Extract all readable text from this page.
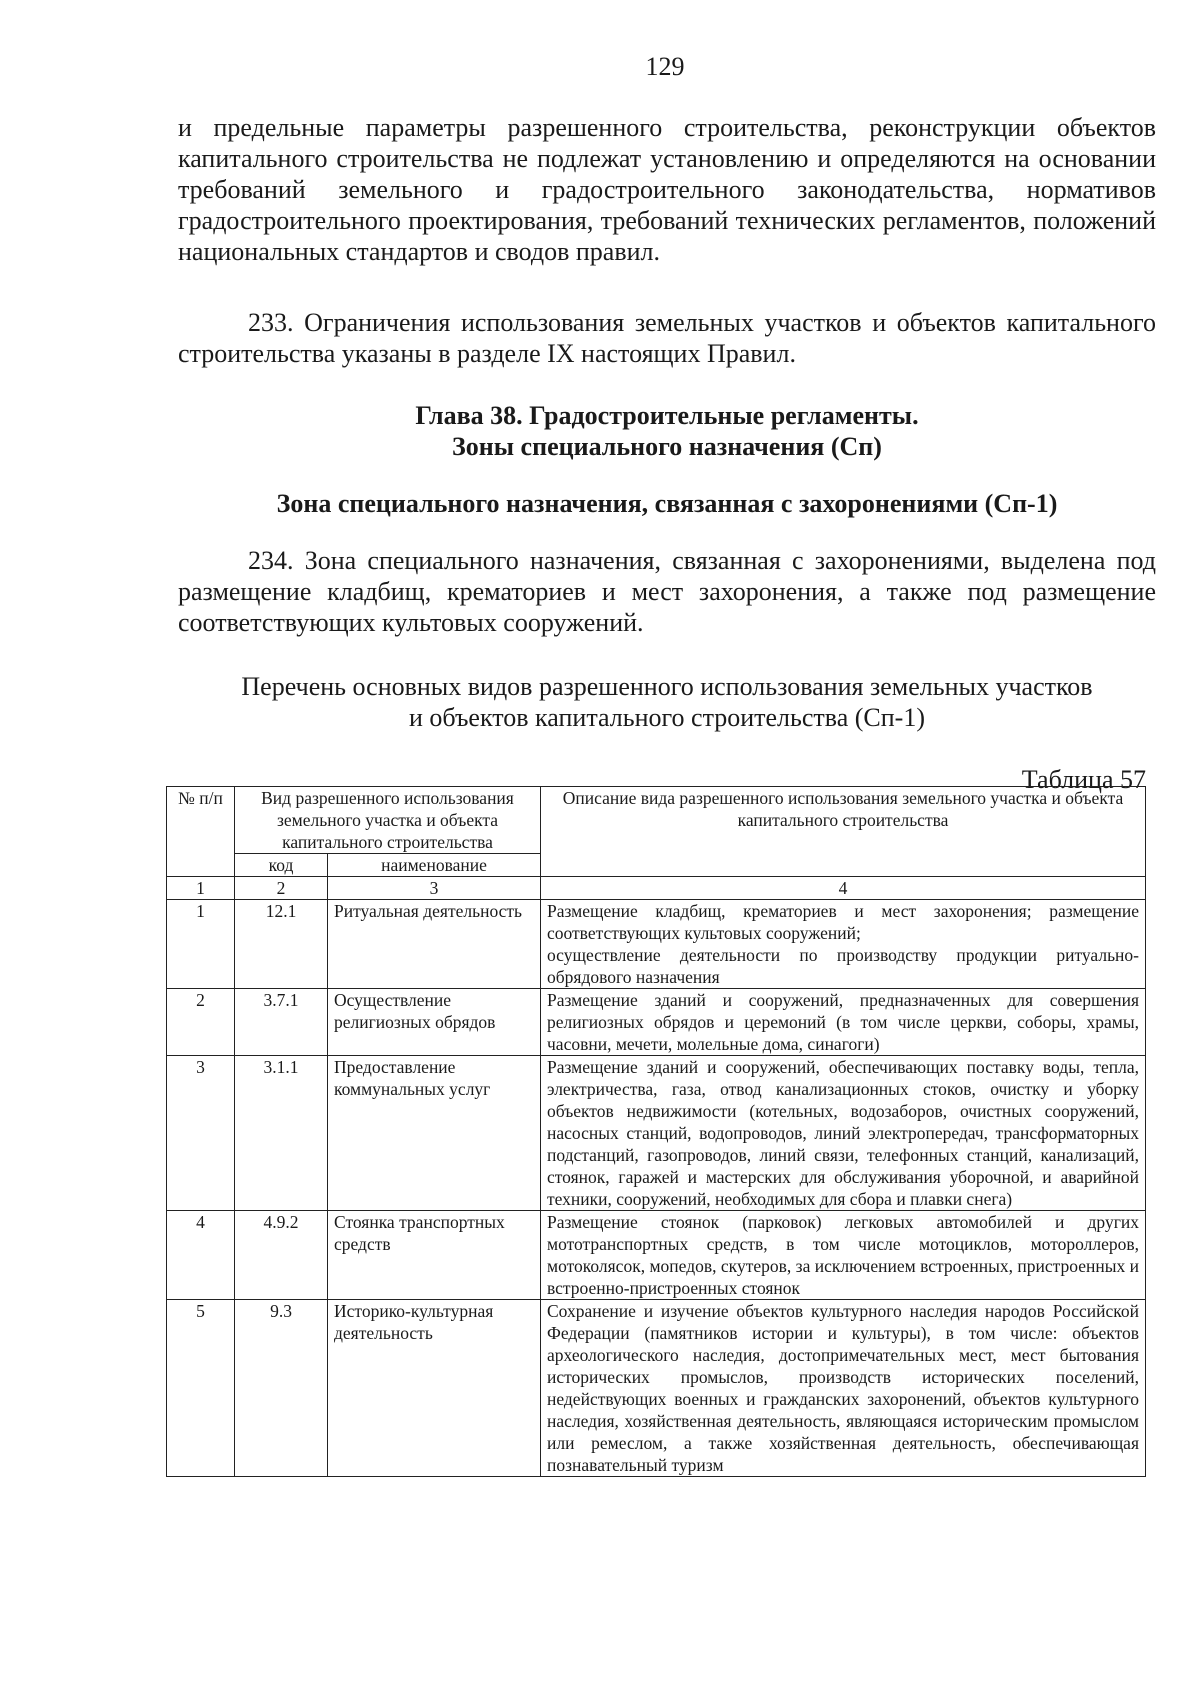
129

и предельные параметры разрешенного строительства, реконструкции объектов капитального строительства не подлежат установлению и определяются на основании требований земельного и градостроительного законодательства, нормативов градостроительного проектирования, требований технических регламентов, положений национальных стандартов и сводов правил.

233. Ограничения использования земельных участков и объектов капитального строительства указаны в разделе IX настоящих Правил.

Глава 38. Градостроительные регламенты.
Зоны специального назначения (Сп)
Зона специального назначения, связанная с захоронениями (Сп-1)

234. Зона специального назначения, связанная с захоронениями, выделена под размещение кладбищ, крематориев и мест захоронения, а также под размещение соответствующих культовых сооружений.

Перечень основных видов разрешенного использования земельных участков
и объектов капитального строительства (Сп-1)
Таблица 57
№ п/п	Вид разрешенного использования земельного участка и объекта капитального строительства		Описание вида разрешенного использования земельного участка и объекта капитального строительства
	код	наименование	
1	2	3	4
1	12.1	Ритуальная деятельность	Размещение кладбищ, крематориев и мест захоронения; размещение соответствующих культовых сооружений;
осуществление деятельности по производству продукции ритуально-обрядового назначения

2	3.7.1	Осуществление религиозных обрядов	Размещение зданий и сооружений, предназначенных для совершения религиозных обрядов и церемоний (в том числе церкви, соборы, храмы, часовни, мечети, молельные дома, синагоги)
3	3.1.1	Предоставление коммунальных услуг	Размещение зданий и сооружений, обеспечивающих поставку воды, тепла, электричества, газа, отвод канализационных стоков, очистку и уборку объектов недвижимости (котельных, водозаборов, очистных сооружений, насосных станций, водопроводов, линий электропередач, трансформаторных подстанций, газопроводов, линий связи, телефонных станций, канализаций, стоянок, гаражей и мастерских для обслуживания уборочной, и аварийной техники, сооружений, необходимых для сбора и плавки снега)
4	4.9.2	Стоянка транспортных средств	Размещение стоянок (парковок) легковых автомобилей и других мототранспортных средств, в том числе мотоциклов, мотороллеров, мотоколясок, мопедов, скутеров, за исключением встроенных, пристроенных и встроенно-пристроенных стоянок
5	9.3	Историко-культурная деятельность	Сохранение и изучение объектов культурного наследия народов Российской Федерации (памятников истории и культуры), в том числе: объектов археологического наследия, достопримечательных мест, мест бытования исторических промыслов, производств исторических поселений, недействующих военных и гражданских захоронений, объектов культурного наследия, хозяйственная деятельность, являющаяся историческим промыслом или ремеслом, а также хозяйственная деятельность, обеспечивающая познавательный туризм
